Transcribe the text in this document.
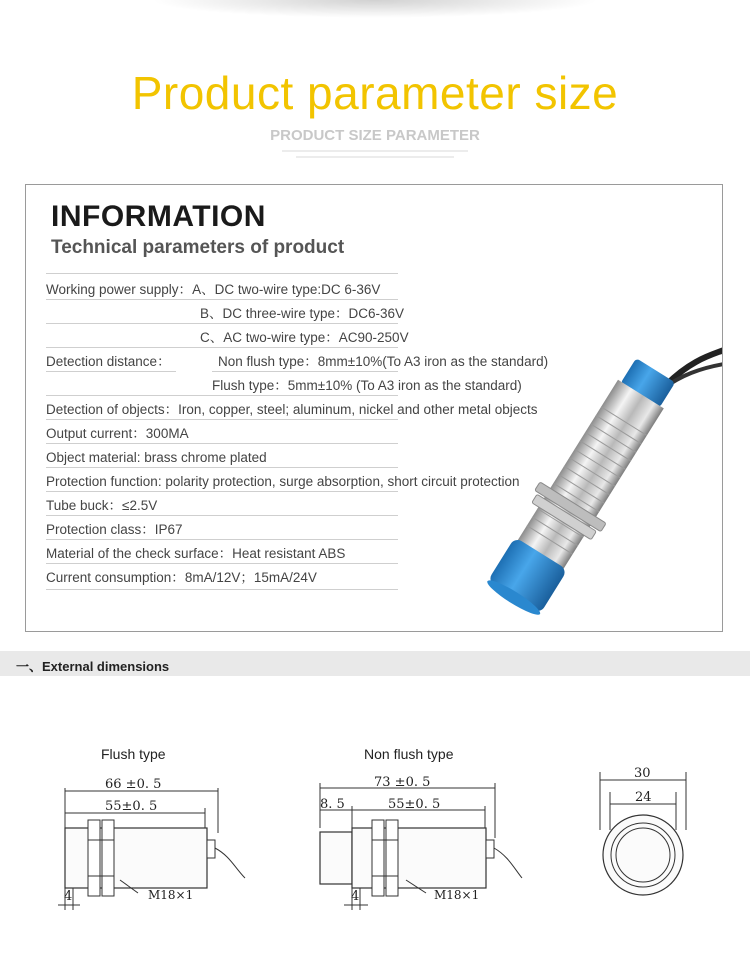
Product parameter size
PRODUCT SIZE PARAMETER
INFORMATION
Technical parameters of product
Working power supply：A、DC two-wire type:DC 6-36V
B、DC three-wire type：DC6-36V
C、AC two-wire type：AC90-250V
Detection distance：	Non flush type：8mm±10%(To A3 iron as the standard)
Flush type：5mm±10% (To A3 iron as the standard)
Detection of objects：Iron, copper, steel; aluminum, nickel and other metal objects
Output current：300MA
Object material: brass chrome plated
Protection function: polarity protection, surge absorption, short circuit protection
Tube buck：≤2.5V
Protection class：IP67
Material of the check surface：Heat resistant ABS
Current consumption：8mA/12V；15mA/24V
一、External dimensions
Flush type
66 ±0. 5
55±0. 5
4	M18×1
Non flush type
73 ±0. 5
8. 5	55±0. 5
4	M18×1
30
24
